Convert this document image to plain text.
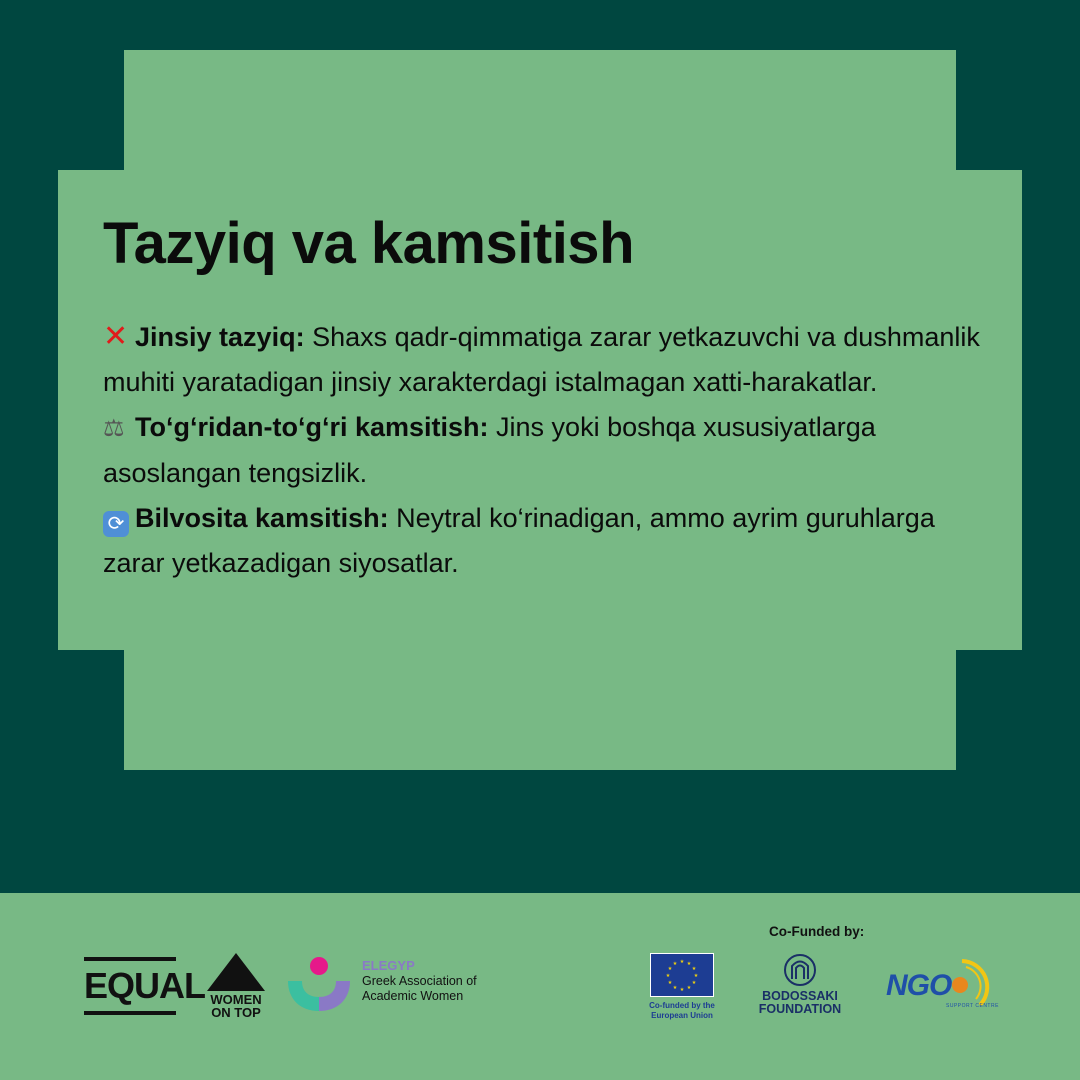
Tazyiq va kamsitish
✕ Jinsiy tazyiq: Shaxs qadr-qimmatiga zarar yetkazuvchi va dushmanlik muhiti yaratadigan jinsiy xarakterdagi istalmagan xatti-harakatlar.
⚖ To‘g‘ridan-to‘g‘ri kamsitish: Jins yoki boshqa xususiyatlarga asoslangan tengsizlik.
⟳ Bilvosita kamsitish: Neytral ko‘rinadigan, ammo ayrim guruhlarga zarar yetkazadigan siyosatlar.
EQUAL WOMEN ON TOP
ELEGYP
Greek Association of Academic Women
Co-Funded by:
★ ★
★
★
★
★
★
★
★
★
★
★
Co-funded by the European Union
BODOSSAKI FOUNDATION
NGO
SUPPORT CENTRE
